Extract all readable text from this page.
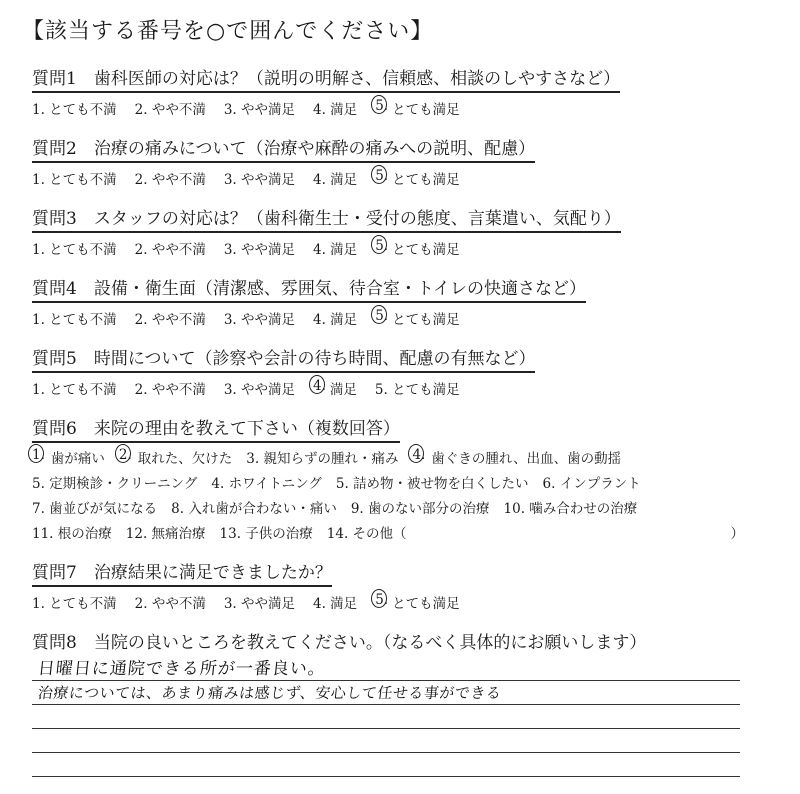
【該当する番号を○で囲んでください】
質問1　歯科医師の対応は？（説明の明解さ、信頼感、相談のしやすさなど）
1. とても不満 2. やや不満 3. やや満足 4. 満足 5. とても満足
質問2　治療の痛みについて（治療や麻酔の痛みへの説明、配慮）
1. とても不満 2. やや不満 3. やや満足 4. 満足 5. とても満足
質問3　スタッフの対応は？（歯科衛生士・受付の態度、言葉遣い、気配り）
1. とても不満 2. やや不満 3. やや満足 4. 満足 5. とても満足
質問4　設備・衛生面（清潔感、雰囲気、待合室・トイレの快適さなど）
1. とても不満 2. やや不満 3. やや満足 4. 満足 5. とても満足
質問5　時間について（診察や会計の待ち時間、配慮の有無など）
1. とても不満 2. やや不満 3. やや満足 4. 満足 5. とても満足
質問6　来院の理由を教えて下さい（複数回答）
1. 歯が痛い 2. 取れた、欠けた 3. 親知らずの腫れ・痛み 4. 歯ぐきの腫れ、出血、歯の動揺
5. 定期検診・クリーニング 4. ホワイトニング 5. 詰め物・被せ物を白くしたい 6. インプラント
7. 歯並びが気になる 8. 入れ歯が合わない・痛い 9. 歯のない部分の治療 10. 噛み合わせの治療
11. 根の治療 12. 無痛治療 13. 子供の治療 14. その他（	）
質問7　治療結果に満足できましたか？
1. とても不満 2. やや不満 3. やや満足 4. 満足 5. とても満足
質問8　当院の良いところを教えてください。（なるべく具体的にお願いします）
日曜日に通院できる所が一番良い。
治療については、あまり痛みは感じず、安心して任せる事ができる
